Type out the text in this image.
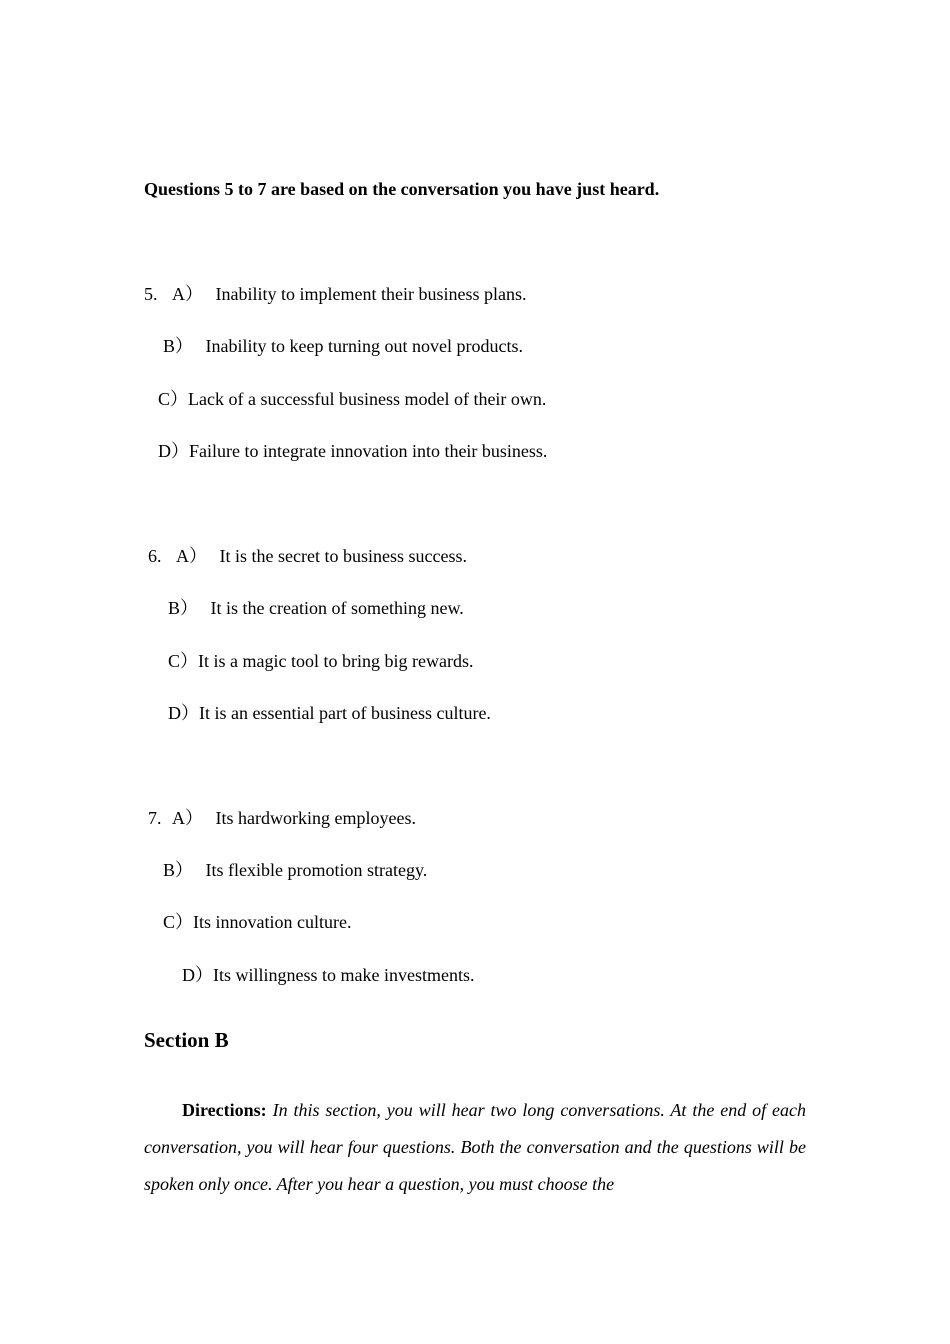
Questions 5 to 7 are based on the conversation you have just heard.
5. A） Inability to implement their business plans.
B） Inability to keep turning out novel products.
C）Lack of a successful business model of their own.
D）Failure to integrate innovation into their business.
6. A） It is the secret to business success.
B） It is the creation of something new.
C）It is a magic tool to bring big rewards.
D）It is an essential part of business culture.
7. A） Its hardworking employees.
B） Its flexible promotion strategy.
C）Its innovation culture.
D）Its willingness to make investments.
Section B
Directions: In this section, you will hear two long conversations. At the end of each conversation, you will hear four questions. Both the conversation and the questions will be spoken only once. After you hear a question, you must choose the
